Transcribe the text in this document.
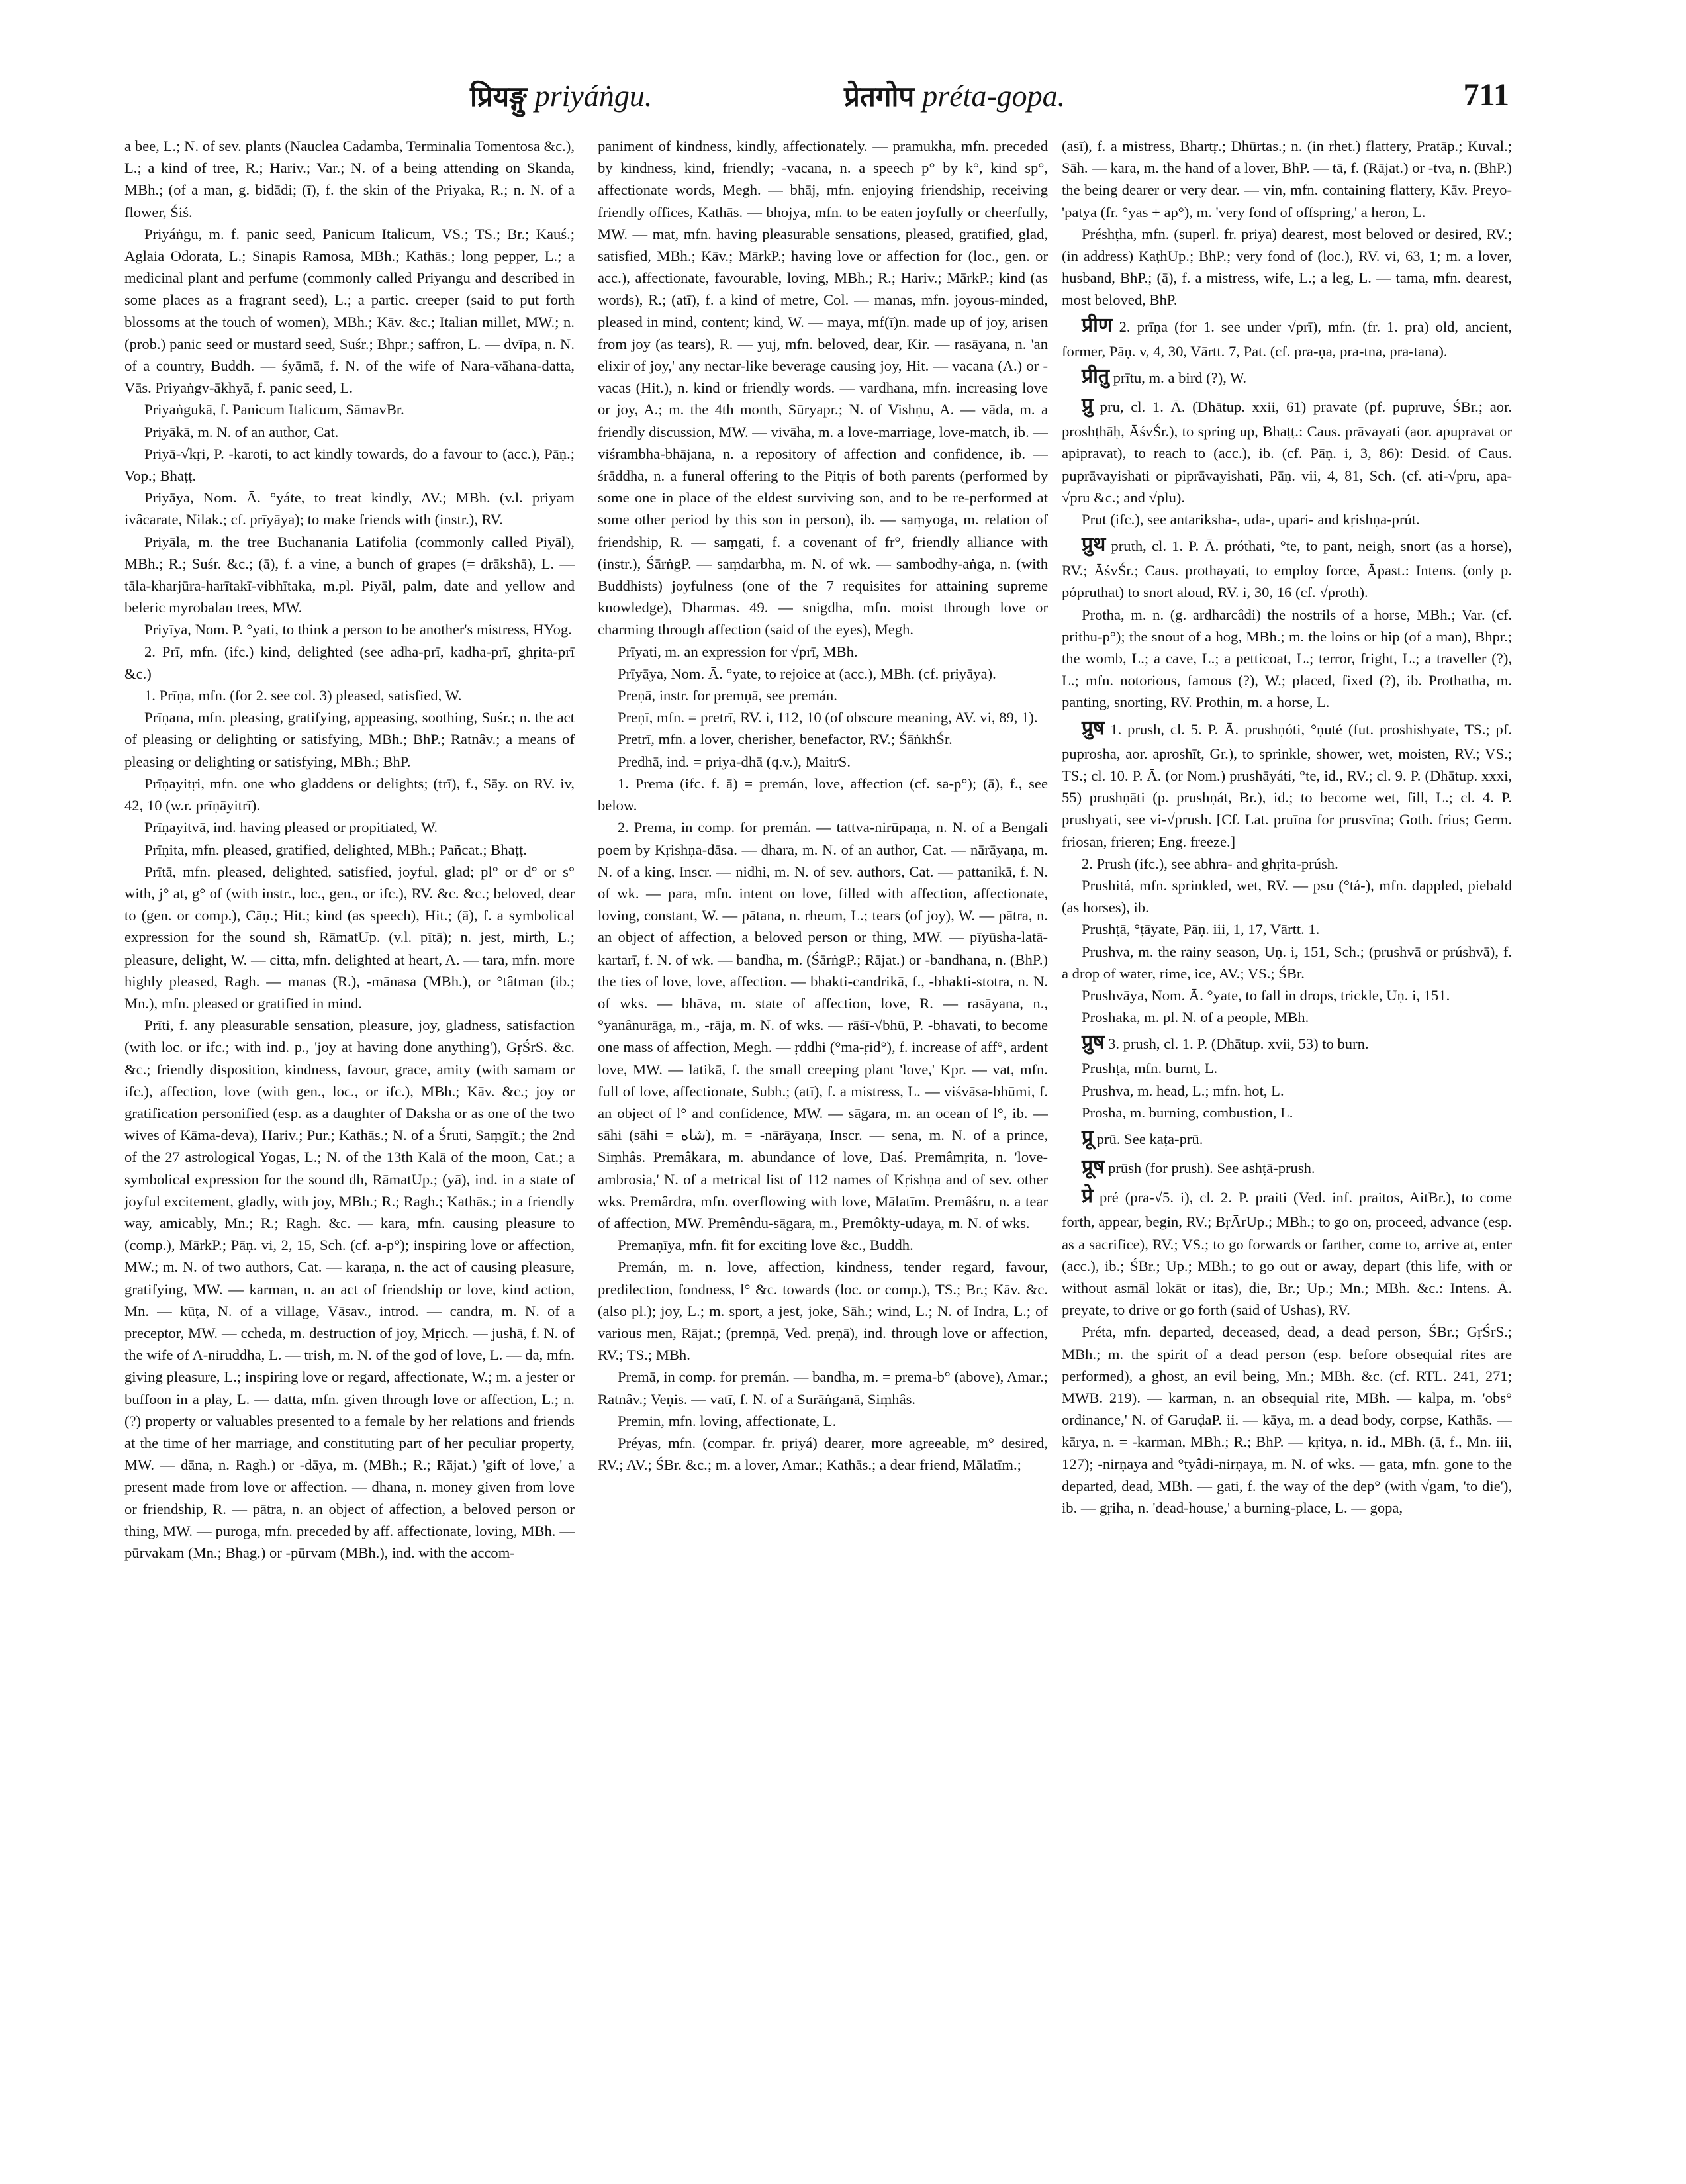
प्रियङ्गु priyáṅgu.	प्रेतगोप préta-gopa.	711

a bee, L.; N. of sev. plants (Nauclea Cadamba, Terminalia Tomentosa &c.), L.; a kind of tree, R.; Hariv.; Var.; N. of a being attending on Skanda, MBh.; (of a man, g. bidādi; (ī), f. the skin of the Priyaka, R.; n. N. of a flower, Śiś.

Priyáṅgu, m. f. panic seed, Panicum Italicum, VS.; TS.; Br.; Kauś.; Aglaia Odorata, L.; Sinapis Ramosa, MBh.; Kathās.; long pepper, L.; a medicinal plant and perfume (commonly called Priyangu and described in some places as a fragrant seed), L.; a partic. creeper (said to put forth blossoms at the touch of women), MBh.; Kāv. &c.; Italian millet, MW.; n. (prob.) panic seed or mustard seed, Suśr.; Bhpr.; saffron, L. — dvīpa, n. N. of a country, Buddh. — śyāmā, f. N. of the wife of Nara-vāhana-datta, Vās. Priyaṅgv-ākhyā, f. panic seed, L.

Priyaṅgukā, f. Panicum Italicum, SāmavBr.

Priyākā, m. N. of an author, Cat.

Priyā-√kṛi, P. -karoti, to act kindly towards, do a favour to (acc.), Pāṇ.; Vop.; Bhaṭṭ.

Priyāya, Nom. Ā. °yáte, to treat kindly, AV.; MBh. (v.l. priyam ivâcarate, Nilak.; cf. prīyāya); to make friends with (instr.), RV.

Priyāla, m. the tree Buchanania Latifolia (commonly called Piyāl), MBh.; R.; Suśr. &c.; (ā), f. a vine, a bunch of grapes (= drākshā), L. — tāla-kharjūra-harītakī-vibhītaka, m.pl. Piyāl, palm, date and yellow and beleric myrobalan trees, MW.

Priyīya, Nom. P. °yati, to think a person to be another's mistress, HYog.

2. Prī, mfn. (ifc.) kind, delighted (see adha-prī, kadha-prī, ghṛita-prī &c.)

1. Prīṇa, mfn. (for 2. see col. 3) pleased, satisfied, W.

Prīṇana, mfn. pleasing, gratifying, appeasing, soothing, Suśr.; n. the act of pleasing or delighting or satisfying, MBh.; BhP.; Ratnâv.; a means of pleasing or delighting or satisfying, MBh.; BhP.

Prīṇayitṛi, mfn. one who gladdens or delights; (trī), f., Sāy. on RV. iv, 42, 10 (w.r. prīṇāyitrī).

Prīṇayitvā, ind. having pleased or propitiated, W.

Prīṇita, mfn. pleased, gratified, delighted, MBh.; Pañcat.; Bhaṭṭ.

Prītā, mfn. pleased, delighted, satisfied, joyful, glad; pl° or d° or s° with, j° at, g° of (with instr., loc., gen., or ifc.), RV. &c. &c.; beloved, dear to (gen. or comp.), Cāṇ.; Hit.; kind (as speech), Hit.; (ā), f. a symbolical expression for the sound sh, RāmatUp. (v.l. pītā); n. jest, mirth, L.; pleasure, delight, W. — citta, mfn. delighted at heart, A. — tara, mfn. more highly pleased, Ragh. — manas (R.), -mānasa (MBh.), or °tâtman (ib.; Mn.), mfn. pleased or gratified in mind.

Prīti, f. any pleasurable sensation, pleasure, joy, gladness, satisfaction (with loc. or ifc.; with ind. p., 'joy at having done anything'), GṛŚrS. &c. &c.; friendly disposition, kindness, favour, grace, amity (with samam or ifc.), affection, love (with gen., loc., or ifc.), MBh.; Kāv. &c.; joy or gratification personified (esp. as a daughter of Daksha or as one of the two wives of Kāma-deva), Hariv.; Pur.; Kathās.; N. of a Śruti, Saṃgīt.; the 2nd of the 27 astrological Yogas, L.; N. of the 13th Kalā of the moon, Cat.; a symbolical expression for the sound dh, RāmatUp.; (yā), ind. in a state of joyful excitement, gladly, with joy, MBh.; R.; Ragh.; Kathās.; in a friendly way, amicably, Mn.; R.; Ragh. &c. — kara, mfn. causing pleasure to (comp.), MārkP.; Pāṇ. vi, 2, 15, Sch. (cf. a-p°); inspiring love or affection, MW.; m. N. of two authors, Cat. — karaṇa, n. the act of causing pleasure, gratifying, MW. — karman, n. an act of friendship or love, kind action, Mn. — kūṭa, N. of a village, Vāsav., introd. — candra, m. N. of a preceptor, MW. — ccheda, m. destruction of joy, Mṛicch. — jushā, f. N. of the wife of A-niruddha, L. — trish, m. N. of the god of love, L. — da, mfn. giving pleasure, L.; inspiring love or regard, affectionate, W.; m. a jester or buffoon in a play, L. — datta, mfn. given through love or affection, L.; n. (?) property or valuables presented to a female by her relations and friends at the time of her marriage, and constituting part of her peculiar property, MW. — dāna, n. Ragh.) or -dāya, m. (MBh.; R.; Rājat.) 'gift of love,' a present made from love or affection. — dhana, n. money given from love or friendship, R. — pātra, n. an object of affection, a beloved person or thing, MW. — puroga, mfn. preceded by aff. affectionate, loving, MBh. — pūrvakam (Mn.; Bhag.) or -pūrvam (MBh.), ind. with the accom-

paniment of kindness, kindly, affectionately. — pramukha, mfn. preceded by kindness, kind, friendly; -vacana, n. a speech p° by k°, kind sp°, affectionate words, Megh. — bhāj, mfn. enjoying friendship, receiving friendly offices, Kathās. — bhojya, mfn. to be eaten joyfully or cheerfully, MW. — mat, mfn. having pleasurable sensations, pleased, gratified, glad, satisfied, MBh.; Kāv.; MārkP.; having love or affection for (loc., gen. or acc.), affectionate, favourable, loving, MBh.; R.; Hariv.; MārkP.; kind (as words), R.; (atī), f. a kind of metre, Col. — manas, mfn. joyous-minded, pleased in mind, content; kind, W. — maya, mf(ī)n. made up of joy, arisen from joy (as tears), R. — yuj, mfn. beloved, dear, Kir. — rasāyana, n. 'an elixir of joy,' any nectar-like beverage causing joy, Hit. — vacana (A.) or -vacas (Hit.), n. kind or friendly words. — vardhana, mfn. increasing love or joy, A.; m. the 4th month, Sūryapr.; N. of Vishṇu, A. — vāda, m. a friendly discussion, MW. — vivāha, m. a love-marriage, love-match, ib. — viśrambha-bhājana, n. a repository of affection and confidence, ib. — śrāddha, n. a funeral offering to the Pitṛis of both parents (performed by some one in place of the eldest surviving son, and to be re-performed at some other period by this son in person), ib. — saṃyoga, m. relation of friendship, R. — saṃgati, f. a covenant of fr°, friendly alliance with (instr.), ŚārṅgP. — saṃdarbha, m. N. of wk. — sambodhy-aṅga, n. (with Buddhists) joyfulness (one of the 7 requisites for attaining supreme knowledge), Dharmas. 49. — snigdha, mfn. moist through love or charming through affection (said of the eyes), Megh.

Prīyati, m. an expression for √prī, MBh.

Prīyāya, Nom. Ā. °yate, to rejoice at (acc.), MBh. (cf. priyāya).

Preṇā, instr. for premṇā, see premán.

Preṇī, mfn. = pretrī, RV. i, 112, 10 (of obscure meaning, AV. vi, 89, 1).

Pretrī, mfn. a lover, cherisher, benefactor, RV.; ŚāṅkhŚr.

Predhā, ind. = priya-dhā (q.v.), MaitrS.

1. Prema (ifc. f. ā) = premán, love, affection (cf. sa-p°); (ā), f., see below.

2. Prema, in comp. for premán. — tattva-nirūpaṇa, n. N. of a Bengali poem by Kṛishṇa-dāsa. — dhara, m. N. of an author, Cat. — nārāyaṇa, m. N. of a king, Inscr. — nidhi, m. N. of sev. authors, Cat. — pattanikā, f. N. of wk. — para, mfn. intent on love, filled with affection, affectionate, loving, constant, W. — pātana, n. rheum, L.; tears (of joy), W. — pātra, n. an object of affection, a beloved person or thing, MW. — pīyūsha-latā-kartarī, f. N. of wk. — bandha, m. (ŚārṅgP.; Rājat.) or -bandhana, n. (BhP.) the ties of love, love, affection. — bhakti-candrikā, f., -bhakti-stotra, n. N. of wks. — bhāva, m. state of affection, love, R. — rasāyana, n., °yanânurāga, m., -rāja, m. N. of wks. — rāśī-√bhū, P. -bhavati, to become one mass of affection, Megh. — ṛddhi (°ma-ṛid°), f. increase of aff°, ardent love, MW. — latikā, f. the small creeping plant 'love,' Kpr. — vat, mfn. full of love, affectionate, Subh.; (atī), f. a mistress, L. — viśvāsa-bhūmi, f. an object of l° and confidence, MW. — sāgara, m. an ocean of l°, ib. — sāhi (sāhi = شاه), m. = -nārāyaṇa, Inscr. — sena, m. N. of a prince, Siṃhâs. Premâkara, m. abundance of love, Daś. Premâmṛita, n. 'love-ambrosia,' N. of a metrical list of 112 names of Kṛishṇa and of sev. other wks. Premârdra, mfn. overflowing with love, Mālatīm. Premâśru, n. a tear of affection, MW. Premêndu-sāgara, m., Premôkty-udaya, m. N. of wks.

Premaṇīya, mfn. fit for exciting love &c., Buddh.

Premán, m. n. love, affection, kindness, tender regard, favour, predilection, fondness, l° &c. towards (loc. or comp.), TS.; Br.; Kāv. &c. (also pl.); joy, L.; m. sport, a jest, joke, Sāh.; wind, L.; N. of Indra, L.; of various men, Rājat.; (premṇā, Ved. preṇā), ind. through love or affection, RV.; TS.; MBh.

Premā, in comp. for premán. — bandha, m. = prema-b° (above), Amar.; Ratnâv.; Veṇis. — vatī, f. N. of a Surāṅganā, Siṃhâs.

Premin, mfn. loving, affectionate, L.

Préyas, mfn. (compar. fr. priyá) dearer, more agreeable, m° desired, RV.; AV.; ŚBr. &c.; m. a lover, Amar.; Kathās.; a dear friend, Mālatīm.;

(asī), f. a mistress, Bhartṛ.; Dhūrtas.; n. (in rhet.) flattery, Pratāp.; Kuval.; Sāh. — kara, m. the hand of a lover, BhP. — tā, f. (Rājat.) or -tva, n. (BhP.) the being dearer or very dear. — vin, mfn. containing flattery, Kāv. Preyo-'patya (fr. °yas + ap°), m. 'very fond of offspring,' a heron, L.

Préshṭha, mfn. (superl. fr. priya) dearest, most beloved or desired, RV.; (in address) KaṭhUp.; BhP.; very fond of (loc.), RV. vi, 63, 1; m. a lover, husband, BhP.; (ā), f. a mistress, wife, L.; a leg, L. — tama, mfn. dearest, most beloved, BhP.

प्रीण 2. prīṇa (for 1. see under √prī), mfn. (fr. 1. pra) old, ancient, former, Pāṇ. v, 4, 30, Vārtt. 7, Pat. (cf. pra-ṇa, pra-tna, pra-tana).

प्रीतु prītu, m. a bird (?), W.

प्रु pru, cl. 1. Ā. (Dhātup. xxii, 61) pravate (pf. pupruve, ŚBr.; aor. proshṭhāḥ, ĀśvŚr.), to spring up, Bhaṭṭ.: Caus. prāvayati (aor. apupravat or apipravat), to reach to (acc.), ib. (cf. Pāṇ. i, 3, 86): Desid. of Caus. puprāvayishati or piprāvayishati, Pāṇ. vii, 4, 81, Sch. (cf. ati-√pru, apa-√pru &c.; and √plu).

Prut (ifc.), see antariksha-, uda-, upari- and kṛishṇa-prút.

प्रुथ pruth, cl. 1. P. Ā. próthati, °te, to pant, neigh, snort (as a horse), RV.; ĀśvŚr.; Caus. prothayati, to employ force, Āpast.: Intens. (only p. pópruthat) to snort aloud, RV. i, 30, 16 (cf. √proth).

Protha, m. n. (g. ardharcâdi) the nostrils of a horse, MBh.; Var. (cf. prithu-p°); the snout of a hog, MBh.; m. the loins or hip (of a man), Bhpr.; the womb, L.; a cave, L.; a petticoat, L.; terror, fright, L.; a traveller (?), L.; mfn. notorious, famous (?), W.; placed, fixed (?), ib. Prothatha, m. panting, snorting, RV. Prothin, m. a horse, L.

प्रुष 1. prush, cl. 5. P. Ā. prushṇóti, °ṇuté (fut. proshishyate, TS.; pf. puprosha, aor. aproshīt, Gr.), to sprinkle, shower, wet, moisten, RV.; VS.; TS.; cl. 10. P. Ā. (or Nom.) prushāyáti, °te, id., RV.; cl. 9. P. (Dhātup. xxxi, 55) prushṇāti (p. prushṇát, Br.), id.; to become wet, fill, L.; cl. 4. P. prushyati, see vi-√prush. [Cf. Lat. pruīna for prusvīna; Goth. frius; Germ. friosan, frieren; Eng. freeze.]

2. Prush (ifc.), see abhra- and ghṛita-prúsh.

Prushitá, mfn. sprinkled, wet, RV. — psu (°tá-), mfn. dappled, piebald (as horses), ib.

Prushṭā, °ṭāyate, Pāṇ. iii, 1, 17, Vārtt. 1.

Prushva, m. the rainy season, Uṇ. i, 151, Sch.; (prushvā or prúshvā), f. a drop of water, rime, ice, AV.; VS.; ŚBr.

Prushvāya, Nom. Ā. °yate, to fall in drops, trickle, Uṇ. i, 151.

Proshaka, m. pl. N. of a people, MBh.

प्रुष 3. prush, cl. 1. P. (Dhātup. xvii, 53) to burn.

Prushṭa, mfn. burnt, L.

Prushva, m. head, L.; mfn. hot, L.

Prosha, m. burning, combustion, L.

प्रू prū. See kaṭa-prū.

प्रूष prūsh (for prush). See ashṭā-prush.

प्रे pré (pra-√5. i), cl. 2. P. praiti (Ved. inf. praitos, AitBr.), to come forth, appear, begin, RV.; BṛĀrUp.; MBh.; to go on, proceed, advance (esp. as a sacrifice), RV.; VS.; to go forwards or farther, come to, arrive at, enter (acc.), ib.; ŚBr.; Up.; MBh.; to go out or away, depart (this life, with or without asmāl lokāt or itas), die, Br.; Up.; Mn.; MBh. &c.: Intens. Ā. preyate, to drive or go forth (said of Ushas), RV.

Préta, mfn. departed, deceased, dead, a dead person, ŚBr.; GṛŚrS.; MBh.; m. the spirit of a dead person (esp. before obsequial rites are performed), a ghost, an evil being, Mn.; MBh. &c. (cf. RTL. 241, 271; MWB. 219). — karman, n. an obsequial rite, MBh. — kalpa, m. 'obs° ordinance,' N. of GaruḍaP. ii. — kāya, m. a dead body, corpse, Kathās. — kārya, n. = -karman, MBh.; R.; BhP. — kṛitya, n. id., MBh. (ā, f., Mn. iii, 127); -nirṇaya and °tyâdi-nirṇaya, m. N. of wks. — gata, mfn. gone to the departed, dead, MBh. — gati, f. the way of the dep° (with √gam, 'to die'), ib. — gṛiha, n. 'dead-house,' a burning-place, L. — gopa,
